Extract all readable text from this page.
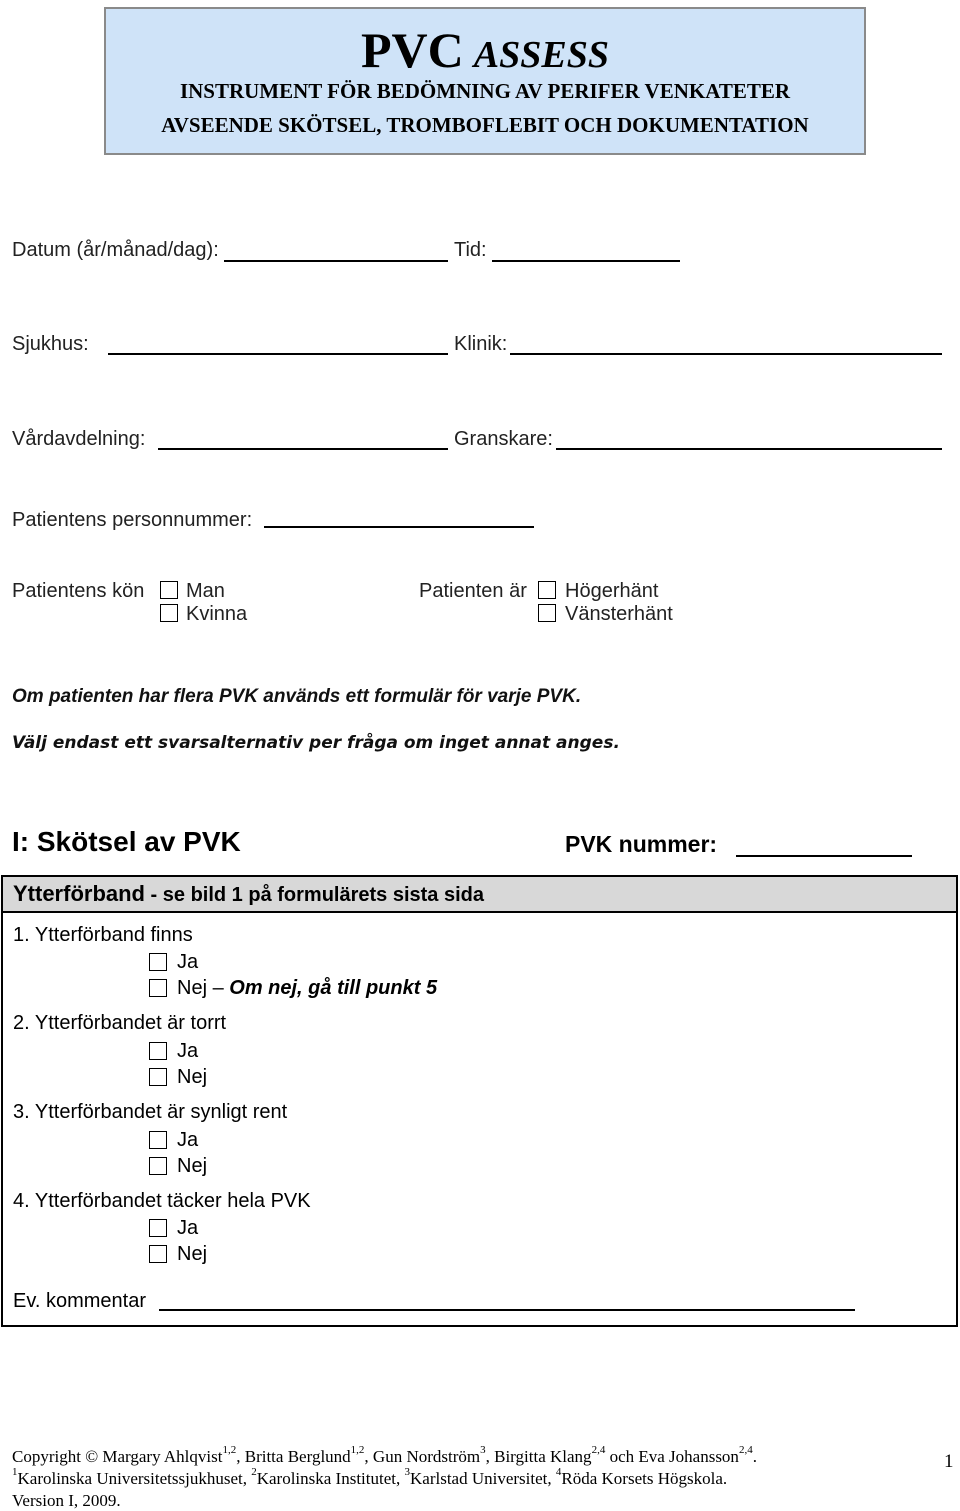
PVC ASSESS
INSTRUMENT FÖR BEDÖMNING AV PERIFER VENKATETER
AVSEENDE SKÖTSEL, TROMBOFLEBIT OCH DOKUMENTATION
Datum (år/månad/dag):	Tid:
Sjukhus:	Klinik:
Vårdavdelning:	Granskare:
Patientens personnummer:
Patientens kön Man
Kvinna
Patienten är Högerhänt
Vänsterhänt
Om patienten har flera PVK används ett formulär för varje PVK.
Välj endast ett svarsalternativ per fråga om inget annat anges.
I: Skötsel av PVK	PVK nummer:
Ytterförband - se bild 1 på formulärets sista sida
1. Ytterförband finns
Ja
Nej – Om nej, gå till punkt 5
2. Ytterförbandet är torrt
Ja
Nej
3. Ytterförbandet är synligt rent
Ja
Nej
4. Ytterförbandet täcker hela PVK
Ja
Nej
Ev. kommentar
Copyright © Margary Ahlqvist$^{1,2}$, Britta Berglund$^{1,2}$, Gun Nordström$^3$, Birgitta Klang$^{2,4}$ och Eva Johansson$^{2,4}$.
$^1$Karolinska Universitetssjukhuset, $^2$Karolinska Institutet, $^3$Karlstad Universitet, $^4$Röda Korsets Högskola.
Version I, 2009.
1
